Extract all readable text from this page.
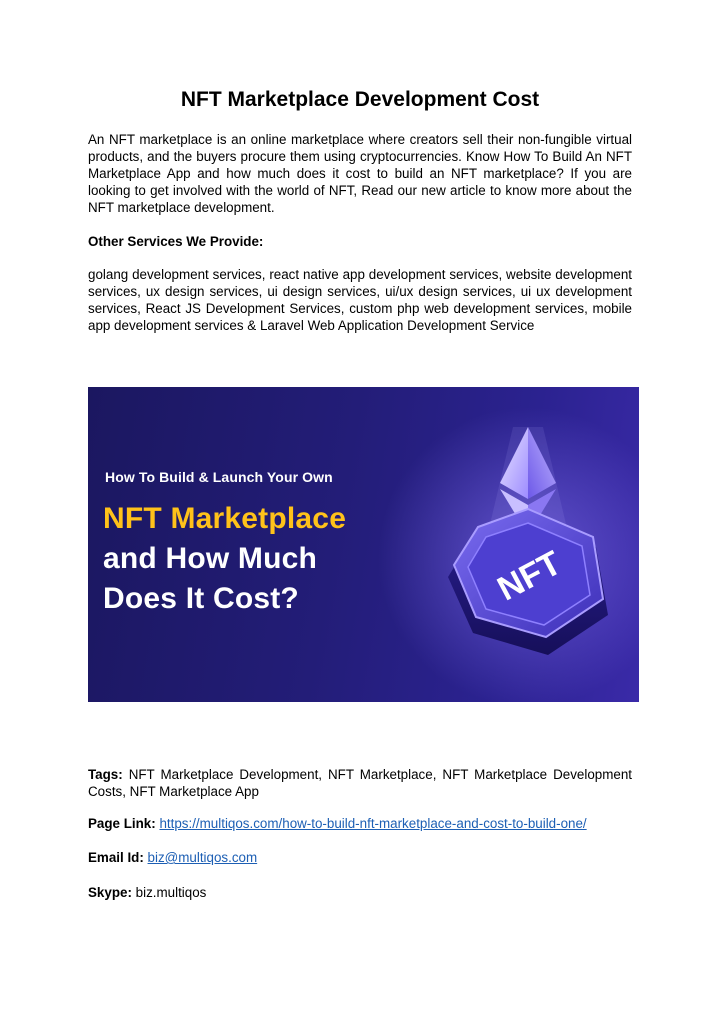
NFT Marketplace Development Cost

An NFT marketplace is an online marketplace where creators sell their non-fungible virtual products, and the buyers procure them using cryptocurrencies. Know How To Build An NFT Marketplace App and how much does it cost to build an NFT marketplace? If you are looking to get involved with the world of NFT, Read our new article to know more about the NFT marketplace development.

Other Services We Provide:

golang development services, react native app development services, website development services, ux design services, ui design services, ui/ux design services, ui ux development services, React JS Development Services, custom php web development services, mobile app development services & Laravel Web Application Development Service

NFT
How To Build & Launch Your Own
NFT Marketplace
and How Much
Does It Cost?

Tags: NFT Marketplace Development, NFT Marketplace, NFT Marketplace Development Costs, NFT Marketplace App

Page Link: https://multiqos.com/how-to-build-nft-marketplace-and-cost-to-build-one/

Email Id: biz@multiqos.com

Skype: biz.multiqos
